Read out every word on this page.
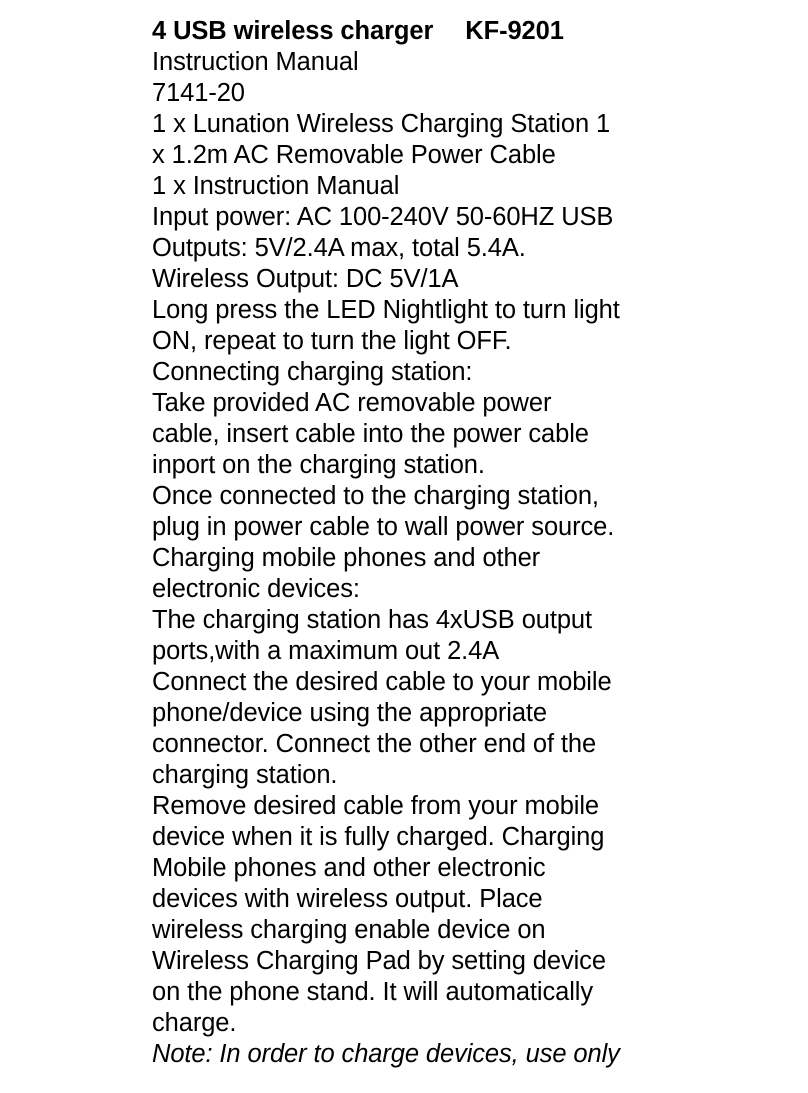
4 USB wireless charger KF-9201
Instruction Manual
7141-20
1 x Lunation Wireless Charging Station 1
x 1.2m AC Removable Power Cable
1 x Instruction Manual
Input power: AC 100-240V 50-60HZ USB
Outputs: 5V/2.4A max, total 5.4A.
Wireless Output: DC 5V/1A
Long press the LED Nightlight to turn light
ON, repeat to turn the light OFF.
Connecting charging station:
Take provided AC removable power
cable, insert cable into the power cable
inport on the charging station.
Once connected to the charging station,
plug in power cable to wall power source.
Charging mobile phones and other
electronic devices:
The charging station has 4xUSB output
ports,with a maximum out 2.4A
Connect the desired cable to your mobile
phone/device using the appropriate
connector. Connect the other end of the
charging station.
Remove desired cable from your mobile
device when it is fully charged. Charging
Mobile phones and other electronic
devices with wireless output. Place
wireless charging enable device on
Wireless Charging Pad by setting device
on the phone stand. It will automatically
charge.
Note: In order to charge devices, use only
